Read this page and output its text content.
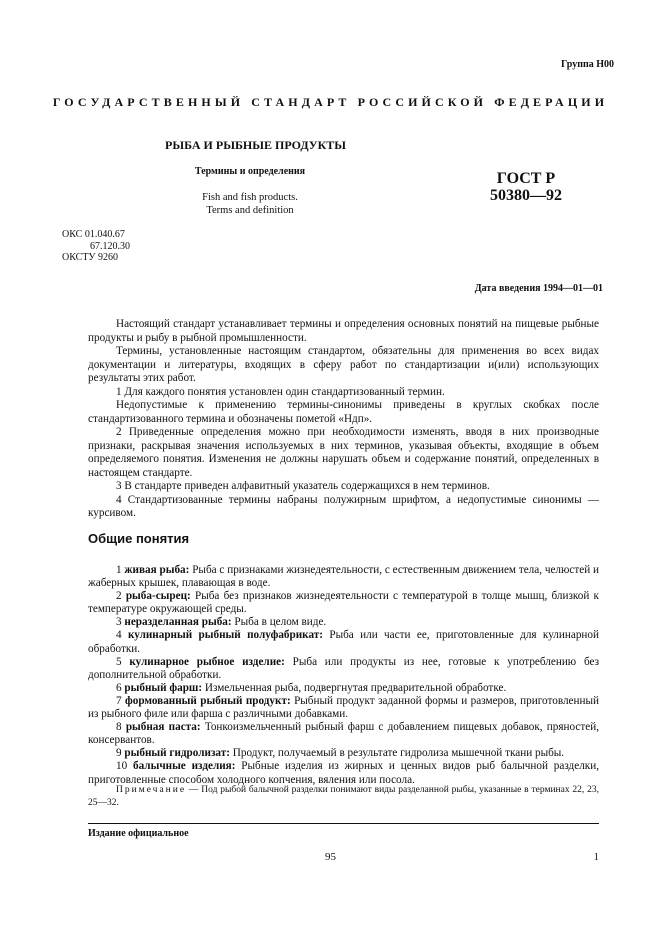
Группа Н00
ГОСУДАРСТВЕННЫЙ СТАНДАРТ РОССИЙСКОЙ ФЕДЕРАЦИИ
РЫБА И РЫБНЫЕ ПРОДУКТЫ
Термины и определения
Fish and fish products.
Terms and definition
ГОСТ Р
50380—92
ОКС 01.040.67
67.120.30
ОКСТУ 9260
Дата введения 1994—01—01

Настоящий стандарт устанавливает термины и определения основных понятий на пищевые рыбные продукты и рыбу в рыбной промышленности.

Термины, установленные настоящим стандартом, обязательны для применения во всех видах документации и литературы, входящих в сферу работ по стандартизации и(или) использующих результаты этих работ.

1 Для каждого понятия установлен один стандартизованный термин.

Недопустимые к применению термины-синонимы приведены в круглых скобках после стандартизованного термина и обозначены пометой «Ндп».

2 Приведенные определения можно при необходимости изменять, вводя в них производные признаки, раскрывая значения используемых в них терминов, указывая объекты, входящие в объем определяемого понятия. Изменения не должны нарушать объем и содержание понятий, определенных в настоящем стандарте.

3 В стандарте приведен алфавитный указатель содержащихся в нем терминов.

4 Стандартизованные термины набраны полужирным шрифтом, а недопустимые синонимы — курсивом.

Общие понятия

1 живая рыба: Рыба с признаками жизнедеятельности, с естественным движением тела, челюстей и жаберных крышек, плавающая в воде.

2 рыба-сырец: Рыба без признаков жизнедеятельности с температурой в толще мышц, близкой к температуре окружающей среды.

3 неразделанная рыба: Рыба в целом виде.

4 кулинарный рыбный полуфабрикат: Рыба или части ее, приготовленные для кулинарной обработки.

5 кулинарное рыбное изделие: Рыба или продукты из нее, готовые к употреблению без дополнительной обработки.

6 рыбный фарш: Измельченная рыба, подвергнутая предварительной обработке.

7 формованный рыбный продукт: Рыбный продукт заданной формы и размеров, приготовленный из рыбного филе или фарша с различными добавками.

8 рыбная паста: Тонкоизмельченный рыбный фарш с добавлением пищевых добавок, пряностей, консервантов.

9 рыбный гидролизат: Продукт, получаемый в результате гидролиза мышечной ткани рыбы.

10 балычные изделия: Рыбные изделия из жирных и ценных видов рыб балычной разделки, приготовленные способом холодного копчения, вяления или посола.

Примечание — Под рыбой балычной разделки понимают виды разделанной рыбы, указанные в терминах 22, 23, 25—32.

Издание официальное
95	1
